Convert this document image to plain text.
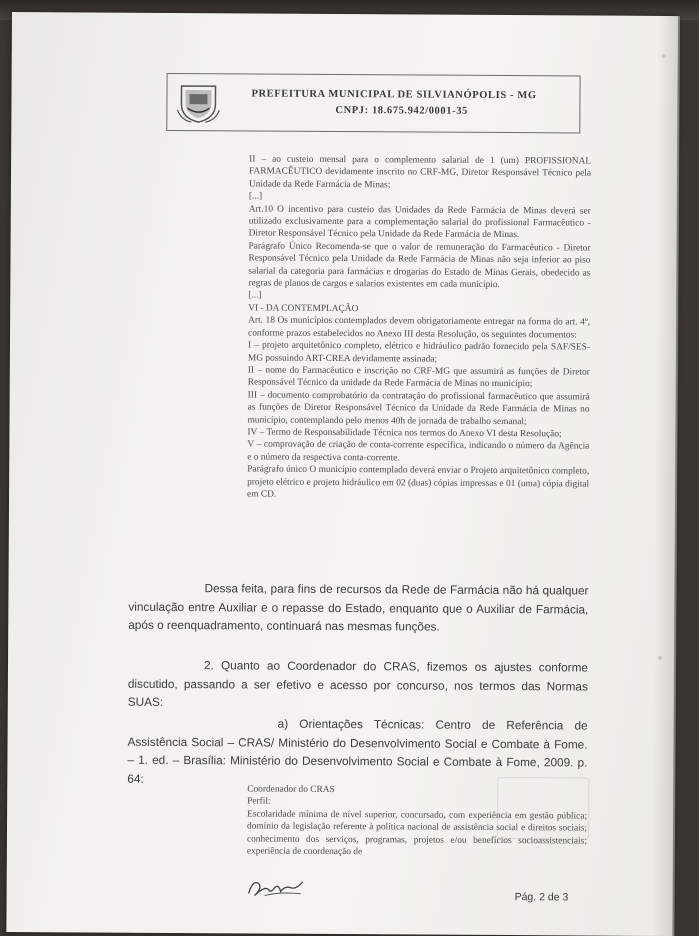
PREFEITURA MUNICIPAL DE SILVIANÓPOLIS - MG
CNPJ: 18.675.942/0001-35

II – ao custeio mensal para o complemento salarial de 1 (um) PROFISSIONAL FARMACÊUTICO devidamente inscrito no CRF-MG, Diretor Responsável Técnico pela Unidade da Rede Farmácia de Minas;

[...]

Art.10 O incentivo para custeio das Unidades da Rede Farmácia de Minas deverá ser utilizado exclusivamente para a complementação salarial do profissional Farmacêutico - Diretor Responsável Técnico pela Unidade da Rede Farmácia de Minas.

Parágrafo Único Recomenda-se que o valor de remuneração do Farmacêutico - Diretor Responsável Técnico pela Unidade da Rede Farmácia de Minas não seja inferior ao piso salarial da categoria para farmácias e drogarias do Estado de Minas Gerais, obedecido as regras de planos de cargos e salarios existentes em cada município.

[...]

VI - DA CONTEMPLAÇÃO

Art. 18 Os municípios contemplados devem obrigatoriamente entregar na forma do art. 4º, conforme prazos estabelecidos no Anexo III desta Resolução, os seguintes documentos:

I – projeto arquitetônico completo, elétrico e hidráulico padrão fornecido pela SAF/SES-MG possuindo ART-CREA devidamente assinada;

II – nome do Farmacêutico e inscrição no CRF-MG que assumirá as funções de Diretor Responsável Técnico da unidade da Rede Farmácia de Minas no município;

III – documento comprobatório da contratação do profissional farmacêutico que assumirá as funções de Diretor Responsável Técnico da Unidade da Rede Farmácia de Minas no município, contemplando pelo menos 40h de jornada de trabalho semanal;

IV – Termo de Responsabilidade Técnica nos termos do Anexo VI desta Resolução;

V – comprovação de criação de conta-corrente específica, indicando o número da Agência e o número da respectiva conta-corrente.

Parágrafo único O município contemplado deverá enviar o Projeto arquitetônico completo, projeto elétrico e projeto hidráulico em 02 (duas) cópias impressas e 01 (uma) cópia digital em CD.

Dessa feita, para fins de recursos da Rede de Farmácia não há qualquer vinculação entre Auxiliar e o repasse do Estado, enquanto que o Auxiliar de Farmácia, após o reenquadramento, continuará nas mesmas funções.

2. Quanto ao Coordenador do CRAS, fizemos os ajustes conforme discutido, passando a ser efetivo e acesso por concurso, nos termos das Normas SUAS:

a) Orientações Técnicas: Centro de Referência de Assistência Social – CRAS/ Ministério do Desenvolvimento Social e Combate à Fome. – 1. ed. – Brasília: Ministério do Desenvolvimento Social e Combate à Fome, 2009. p. 64:

Coordenador do CRAS

Perfil:

Escolaridade mínima de nível superior, concursado, com experiência em gestão pública; domínio da legislação referente à política nacional de assistência social e direitos sociais; conhecimento dos serviços, programas, projetos e/ou benefícios socioassistenciais; experiência de coordenação de

Pág. 2 de 3
